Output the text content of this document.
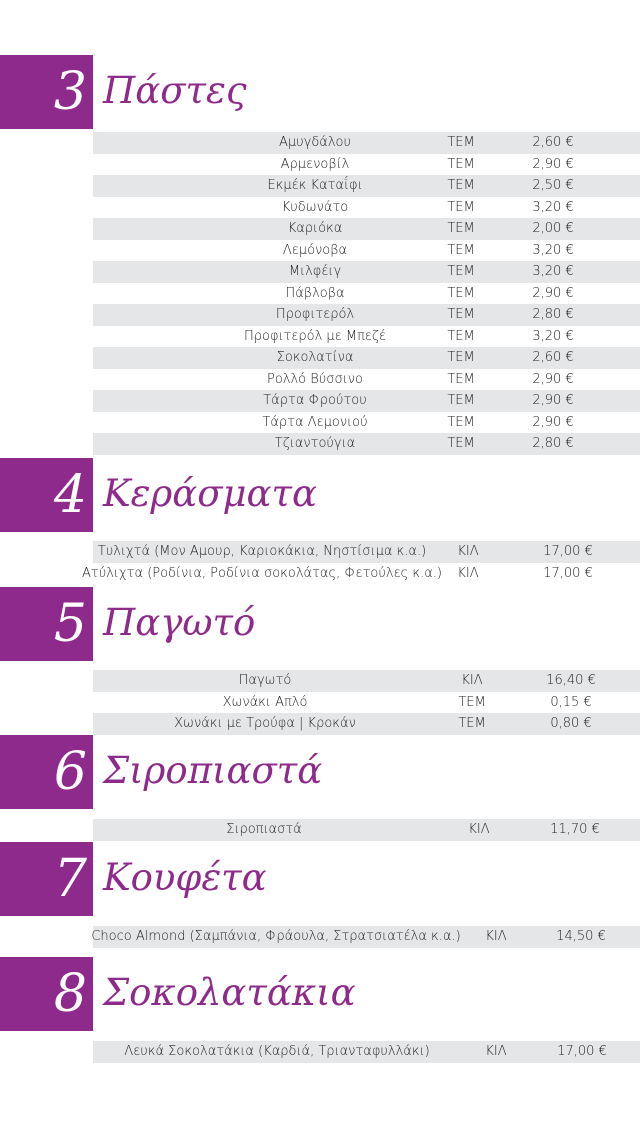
3 Πάστες
Αμυγδάλου	ΤΕΜ	2,60 €
Αρμενοβίλ	ΤΕΜ	2,90 €
Εκμέκ Καταΐφι	ΤΕΜ	2,50 €
Κυδωνάτο	ΤΕΜ	3,20 €
Καριόκα	ΤΕΜ	2,00 €
Λεμόνοβα	ΤΕΜ	3,20 €
Μιλφέιγ	ΤΕΜ	3,20 €
Πάβλοβα	ΤΕΜ	2,90 €
Προφιτερόλ	ΤΕΜ	2,80 €
Προφιτερόλ με Μπεζέ	ΤΕΜ	3,20 €
Σοκολατίνα	ΤΕΜ	2,60 €
Ρολλό Βύσσινο	ΤΕΜ	2,90 €
Τάρτα Φρούτου	ΤΕΜ	2,90 €
Τάρτα Λεμονιού	ΤΕΜ	2,90 €
Τζιαντούγια	ΤΕΜ	2,80 €
4 Κεράσματα
Τυλιχτά (Μον Αμουρ, Καριοκάκια, Νηστίσιμα κ.α.) ΚΙΛ	17,00 €
Ατύλιχτα (Ροδίνια, Ροδίνια σοκολάτας, Φετούλες κ.α.) ΚΙΛ	17,00 €
5 Παγωτό
Παγωτό	ΚΙΛ	16,40 €
Χωνάκι Απλό	ΤΕΜ	0,15 €
Χωνάκι με Τρούφα | Κροκάν	ΤΕΜ	0,80 €
6 Σιροπιαστά
Σιροπιαστά	ΚΙΛ	11,70 €
7 Κουφέτα
Choco Almond (Σαμπάνια, Φράουλα, Στρατσιατέλα κ.α.) ΚΙΛ	14,50 €
8 Σοκολατάκια
Λευκά Σοκολατάκια (Καρδιά, Τριανταφυλλάκι)	ΚΙΛ	17,00 €
